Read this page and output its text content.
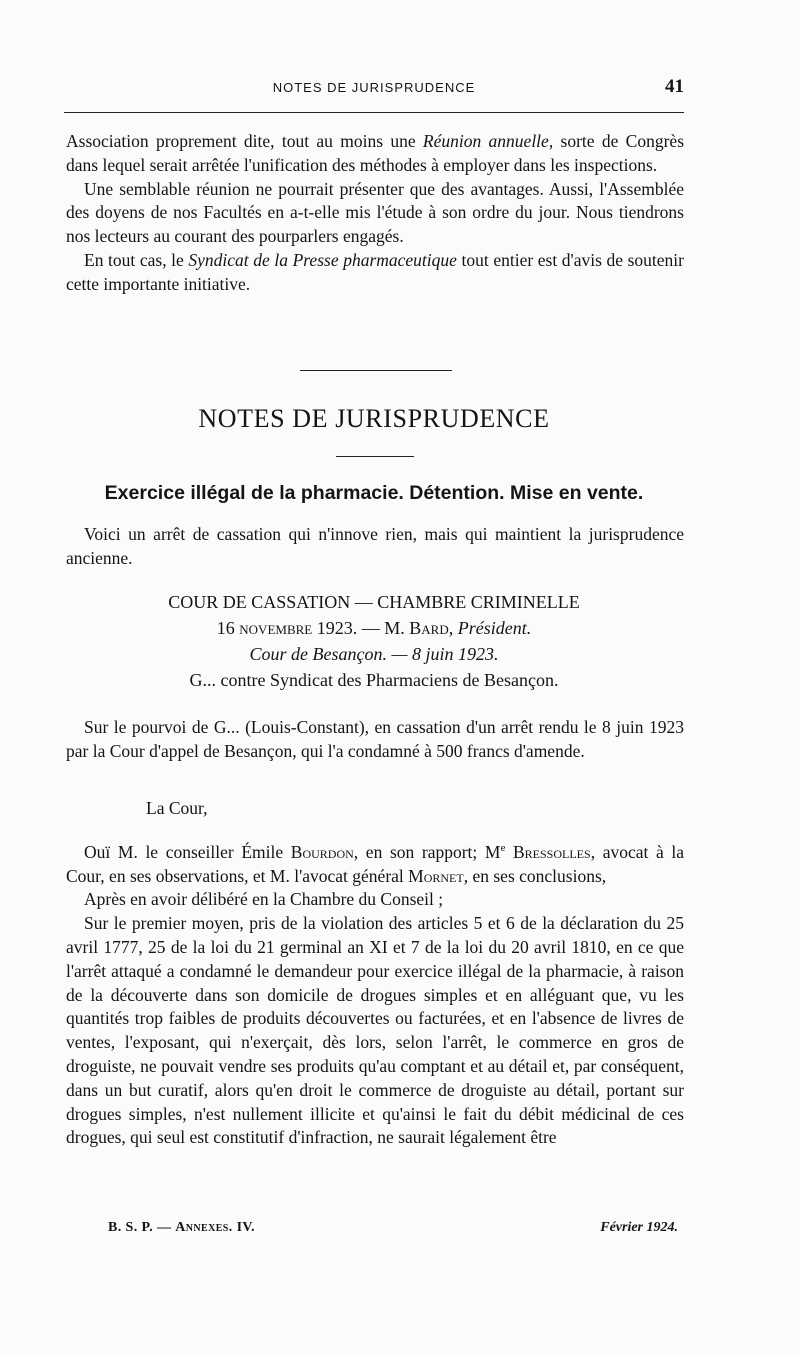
NOTES DE JURISPRUDENCE	41

Association proprement dite, tout au moins une Réunion annuelle, sorte de Congrès dans lequel serait arrêtée l'unification des méthodes à employer dans les inspections.

Une semblable réunion ne pourrait présenter que des avantages. Aussi, l'Assemblée des doyens de nos Facultés en a-t-elle mis l'étude à son ordre du jour. Nous tiendrons nos lecteurs au courant des pourparlers engagés.

En tout cas, le Syndicat de la Presse pharmaceutique tout entier est d'avis de soutenir cette importante initiative.

NOTES DE JURISPRUDENCE
Exercice illégal de la pharmacie. Détention. Mise en vente.

Voici un arrêt de cassation qui n'innove rien, mais qui maintient la jurisprudence ancienne.

COUR DE CASSATION — CHAMBRE CRIMINELLE
16 novembre 1923. — M. Bard, Président.
Cour de Besançon. — 8 juin 1923.
G... contre Syndicat des Pharmaciens de Besançon.

Sur le pourvoi de G... (Louis-Constant), en cassation d'un arrêt rendu le 8 juin 1923 par la Cour d'appel de Besançon, qui l'a condamné à 500 francs d'amende.

La Cour,

Ouï M. le conseiller Émile Bourdon, en son rapport; Me Bressolles, avocat à la Cour, en ses observations, et M. l'avocat général Mornet, en ses conclusions,

Après en avoir délibéré en la Chambre du Conseil ;

Sur le premier moyen, pris de la violation des articles 5 et 6 de la déclaration du 25 avril 1777, 25 de la loi du 21 germinal an XI et 7 de la loi du 20 avril 1810, en ce que l'arrêt attaqué a condamné le demandeur pour exercice illégal de la pharmacie, à raison de la découverte dans son domicile de drogues simples et en alléguant que, vu les quantités trop faibles de produits découvertes ou facturées, et en l'absence de livres de ventes, l'exposant, qui n'exerçait, dès lors, selon l'arrêt, le commerce en gros de droguiste, ne pouvait vendre ses produits qu'au comptant et au détail et, par conséquent, dans un but curatif, alors qu'en droit le commerce de droguiste au détail, portant sur drogues simples, n'est nullement illicite et qu'ainsi le fait du débit médicinal de ces drogues, qui seul est constitutif d'infraction, ne saurait légalement être

B. S. P. — Annexes. IV.	Février 1924.
